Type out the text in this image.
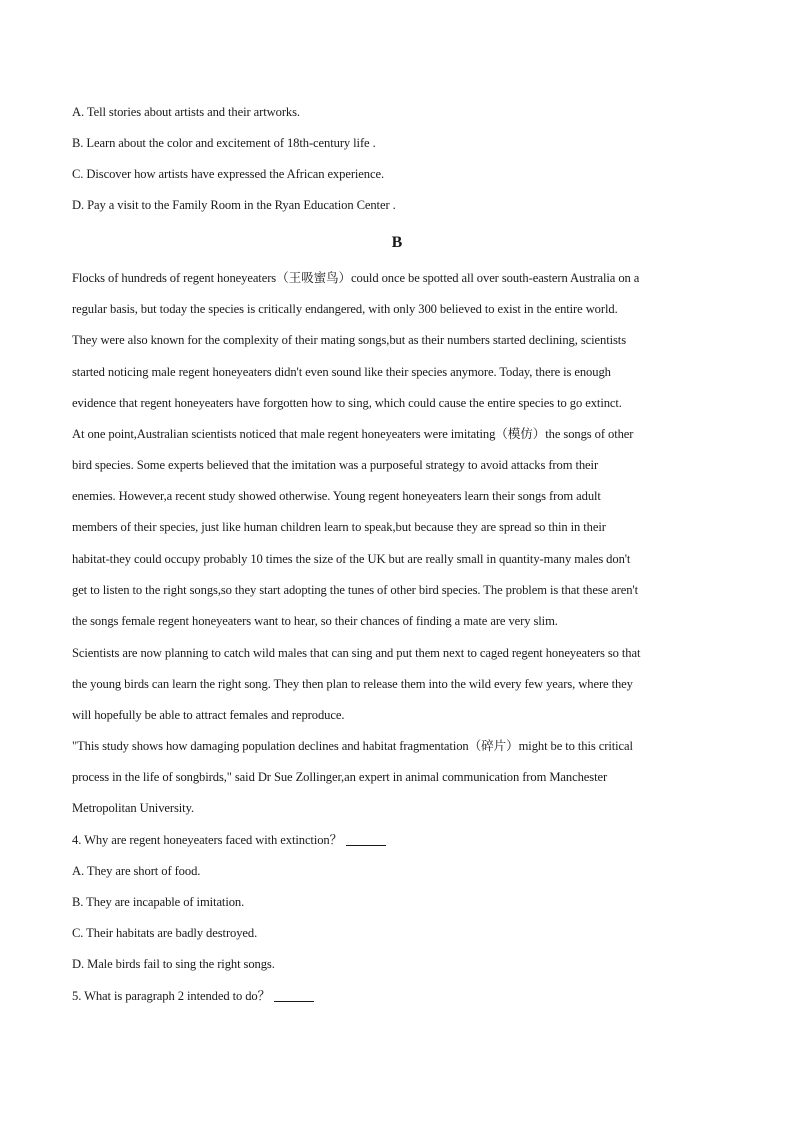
A. Tell stories about artists and their artworks.
B. Learn about the color and excitement of 18th-century life .
C. Discover how artists have expressed the African experience.
D. Pay a visit to the Family Room in the Ryan Education Center .
B
Flocks of hundreds of regent honeyeaters（王吸蜜鸟）could once be spotted all over south-eastern Australia on a
regular basis, but today the species is critically endangered, with only 300 believed to exist in the entire world.
They were also known for the complexity of their mating songs,but as their numbers started declining, scientists
started noticing male regent honeyeaters didn't even sound like their species anymore. Today, there is enough
evidence that regent honeyeaters have forgotten how to sing, which could cause the entire species to go extinct.
At one point,Australian scientists noticed that male regent honeyeaters were imitating（模仿）the songs of other
bird species. Some experts believed that the imitation was a purposeful strategy to avoid attacks from their
enemies. However,a recent study showed otherwise. Young regent honeyeaters learn their songs from adult
members of their species, just like human children learn to speak,but because they are spread so thin in their
habitat-they could occupy probably 10 times the size of the UK but are really small in quantity-many males don't
get to listen to the right songs,so they start adopting the tunes of other bird species. The problem is that these aren't
the songs female regent honeyeaters want to hear, so their chances of finding a mate are very slim.
Scientists are now planning to catch wild males that can sing and put them next to caged regent honeyeaters so that
the young birds can learn the right song. They then plan to release them into the wild every few years, where they
will hopefully be able to attract females and reproduce.
"This study shows how damaging population declines and habitat fragmentation（碎片）might be to this critical
process in the life of songbirds," said Dr Sue Zollinger,an expert in animal communication from Manchester
Metropolitan University.
4. Why are regent honeyeaters faced with extinction？
A. They are short of food.
B. They are incapable of imitation.
C. Their habitats are badly destroyed.
D. Male birds fail to sing the right songs.
5. What is paragraph 2 intended to do？
